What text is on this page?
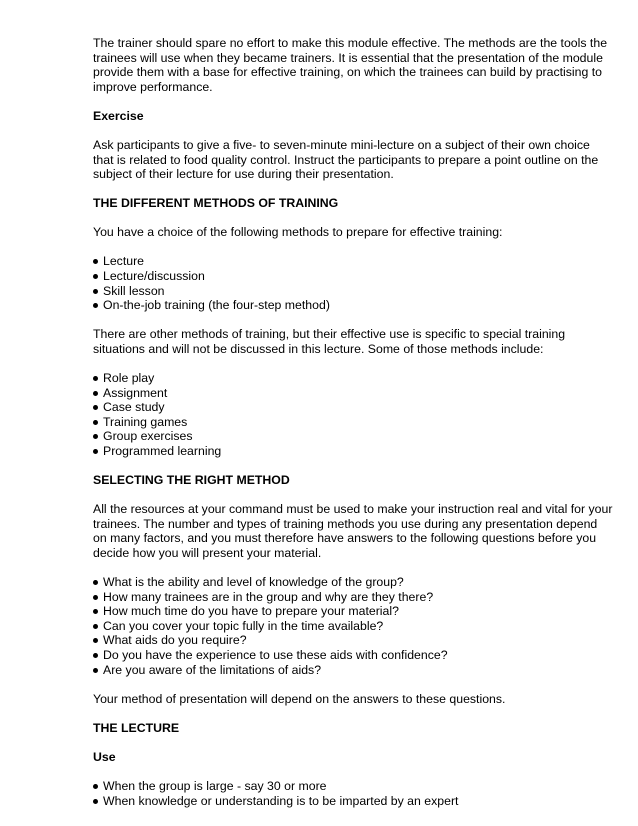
The trainer should spare no effort to make this module effective. The methods are the tools the trainees will use when they became trainers. It is essential that the presentation of the module provide them with a base for effective training, on which the trainees can build by practising to improve performance.

Exercise

Ask participants to give a five- to seven-minute mini-lecture on a subject of their own choice that is related to food quality control. Instruct the participants to prepare a point outline on the subject of their lecture for use during their presentation.

THE DIFFERENT METHODS OF TRAINING

You have a choice of the following methods to prepare for effective training:

Lecture
Lecture/discussion
Skill lesson
On-the-job training (the four-step method)

There are other methods of training, but their effective use is specific to special training situations and will not be discussed in this lecture. Some of those methods include:

Role play
Assignment
Case study
Training games
Group exercises
Programmed learning

SELECTING THE RIGHT METHOD

All the resources at your command must be used to make your instruction real and vital for your trainees. The number and types of training methods you use during any presentation depend on many factors, and you must therefore have answers to the following questions before you decide how you will present your material.

What is the ability and level of knowledge of the group?
How many trainees are in the group and why are they there?
How much time do you have to prepare your material?
Can you cover your topic fully in the time available?
What aids do you require?
Do you have the experience to use these aids with confidence?
Are you aware of the limitations of aids?

Your method of presentation will depend on the answers to these questions.

THE LECTURE

Use

When the group is large - say 30 or more
When knowledge or understanding is to be imparted by an expert
